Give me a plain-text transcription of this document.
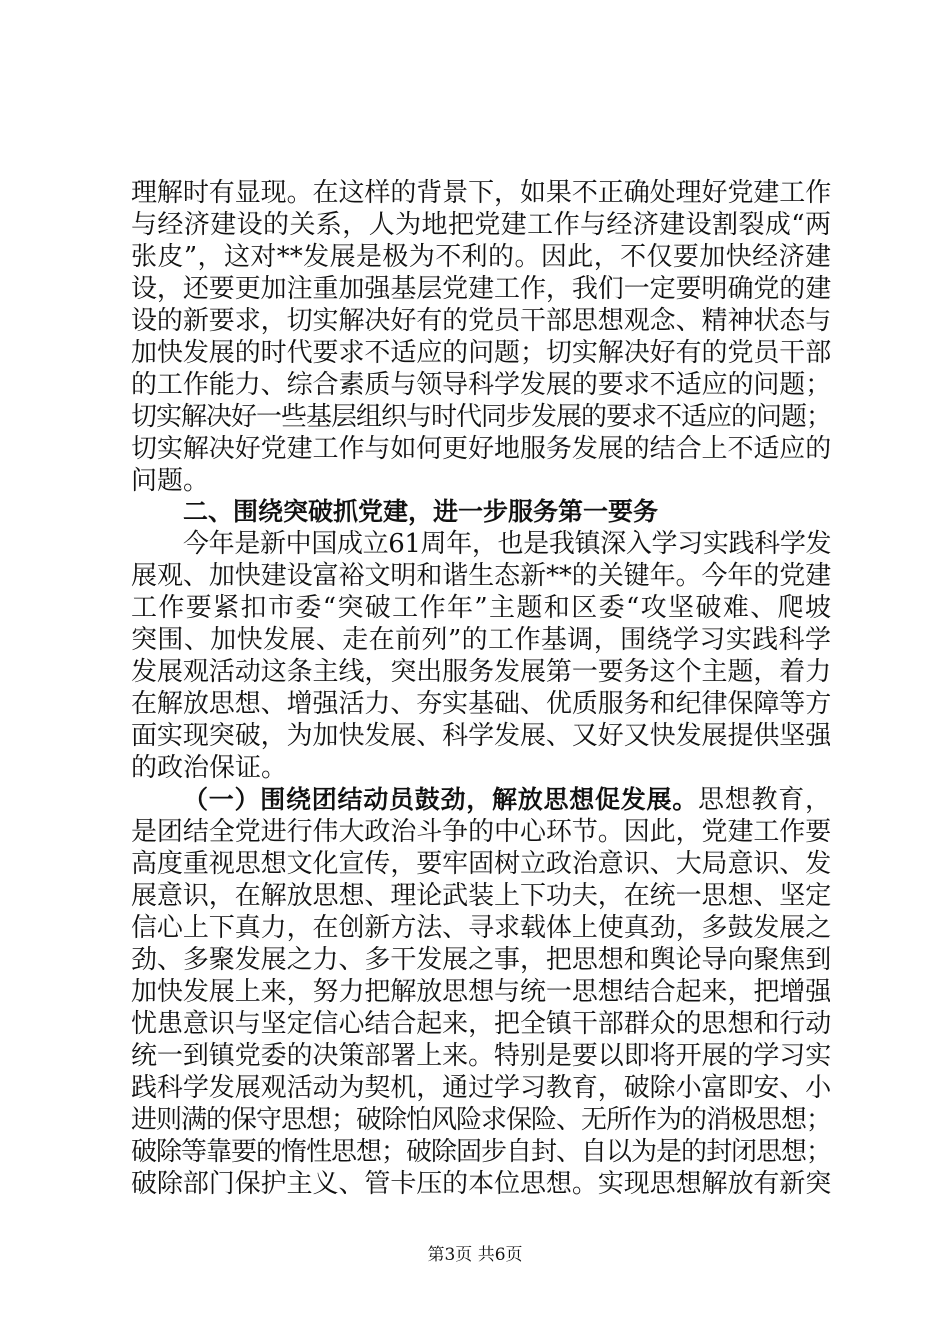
理解时有显现。在这样的背景下，如果不正确处理好党建工作
与经济建设的关系，人为地把党建工作与经济建设割裂成“两
张皮”，这对**发展是极为不利的。因此，不仅要加快经济建
设，还要更加注重加强基层党建工作，我们一定要明确党的建
设的新要求，切实解决好有的党员干部思想观念、精神状态与
加快发展的时代要求不适应的问题；切实解决好有的党员干部
的工作能力、综合素质与领导科学发展的要求不适应的问题；
切实解决好一些基层组织与时代同步发展的要求不适应的问题；
切实解决好党建工作与如何更好地服务发展的结合上不适应的
问题。
二、围绕突破抓党建，进一步服务第一要务
今年是新中国成立61周年，也是我镇深入学习实践科学发
展观、加快建设富裕文明和谐生态新**的关键年。今年的党建
工作要紧扣市委“突破工作年”主题和区委“攻坚破难、爬坡
突围、加快发展、走在前列”的工作基调，围绕学习实践科学
发展观活动这条主线，突出服务发展第一要务这个主题，着力
在解放思想、增强活力、夯实基础、优质服务和纪律保障等方
面实现突破，为加快发展、科学发展、又好又快发展提供坚强
的政治保证。
（一）围绕团结动员鼓劲，解放思想促发展。思想教育，
是团结全党进行伟大政治斗争的中心环节。因此，党建工作要
高度重视思想文化宣传，要牢固树立政治意识、大局意识、发
展意识，在解放思想、理论武装上下功夫，在统一思想、坚定
信心上下真力，在创新方法、寻求载体上使真劲，多鼓发展之
劲、多聚发展之力、多干发展之事，把思想和舆论导向聚焦到
加快发展上来，努力把解放思想与统一思想结合起来，把增强
忧患意识与坚定信心结合起来，把全镇干部群众的思想和行动
统一到镇党委的决策部署上来。特别是要以即将开展的学习实
践科学发展观活动为契机，通过学习教育，破除小富即安、小
进则满的保守思想；破除怕风险求保险、无所作为的消极思想；
破除等靠要的惰性思想；破除固步自封、自以为是的封闭思想；
破除部门保护主义、管卡压的本位思想。实现思想解放有新突
第3页 共6页
